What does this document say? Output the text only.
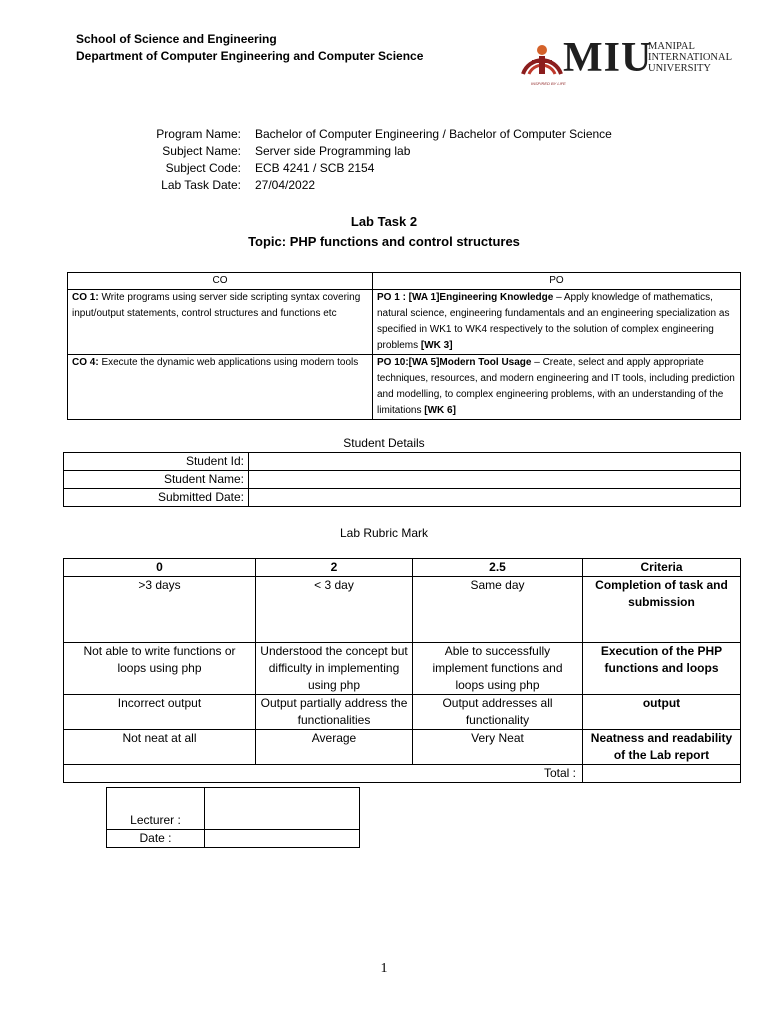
School of Science and Engineering
Department of Computer Engineering and Computer Science	MIU
MANIPAL
INTERNATIONAL
UNIVERSITY
INSPIRED BY LIFE
Program Name:	Bachelor of Computer Engineering / Bachelor of Computer Science
Subject Name:	Server side Programming lab
Subject Code:	ECB 4241 / SCB 2154
Lab Task Date:	27/04/2022
Lab Task 2
Topic: PHP functions and control structures
CO	PO
CO 1: Write programs using server side scripting syntax covering input/output statements, control structures and functions etc	PO 1 : [WA 1]Engineering Knowledge – Apply knowledge of mathematics, natural science, engineering fundamentals and an engineering specialization as specified in WK1 to WK4 respectively to the solution of complex engineering problems [WK 3]
CO 4: Execute the dynamic web applications using modern tools	PO 10:[WA 5]Modern Tool Usage – Create, select and apply appropriate techniques, resources, and modern engineering and IT tools, including prediction and modelling, to complex engineering problems, with an understanding of the limitations [WK 6]
Student Details
Student Id:	
Student Name:	
Submitted Date:	
Lab Rubric Mark
0	2	2.5	Criteria
>3 days	< 3 day	Same day	Completion of task and submission
Not able to write functions or loops using php	Understood the concept but difficulty in implementing using php	Able to successfully implement functions and loops using php	Execution of the PHP functions and loops
Incorrect output	Output partially address the functionalities	Output addresses all functionality	output
Not neat at all	Average	Very Neat	Neatness and readability of the Lab report
Total :			
Lecturer :	
Date :	
1
